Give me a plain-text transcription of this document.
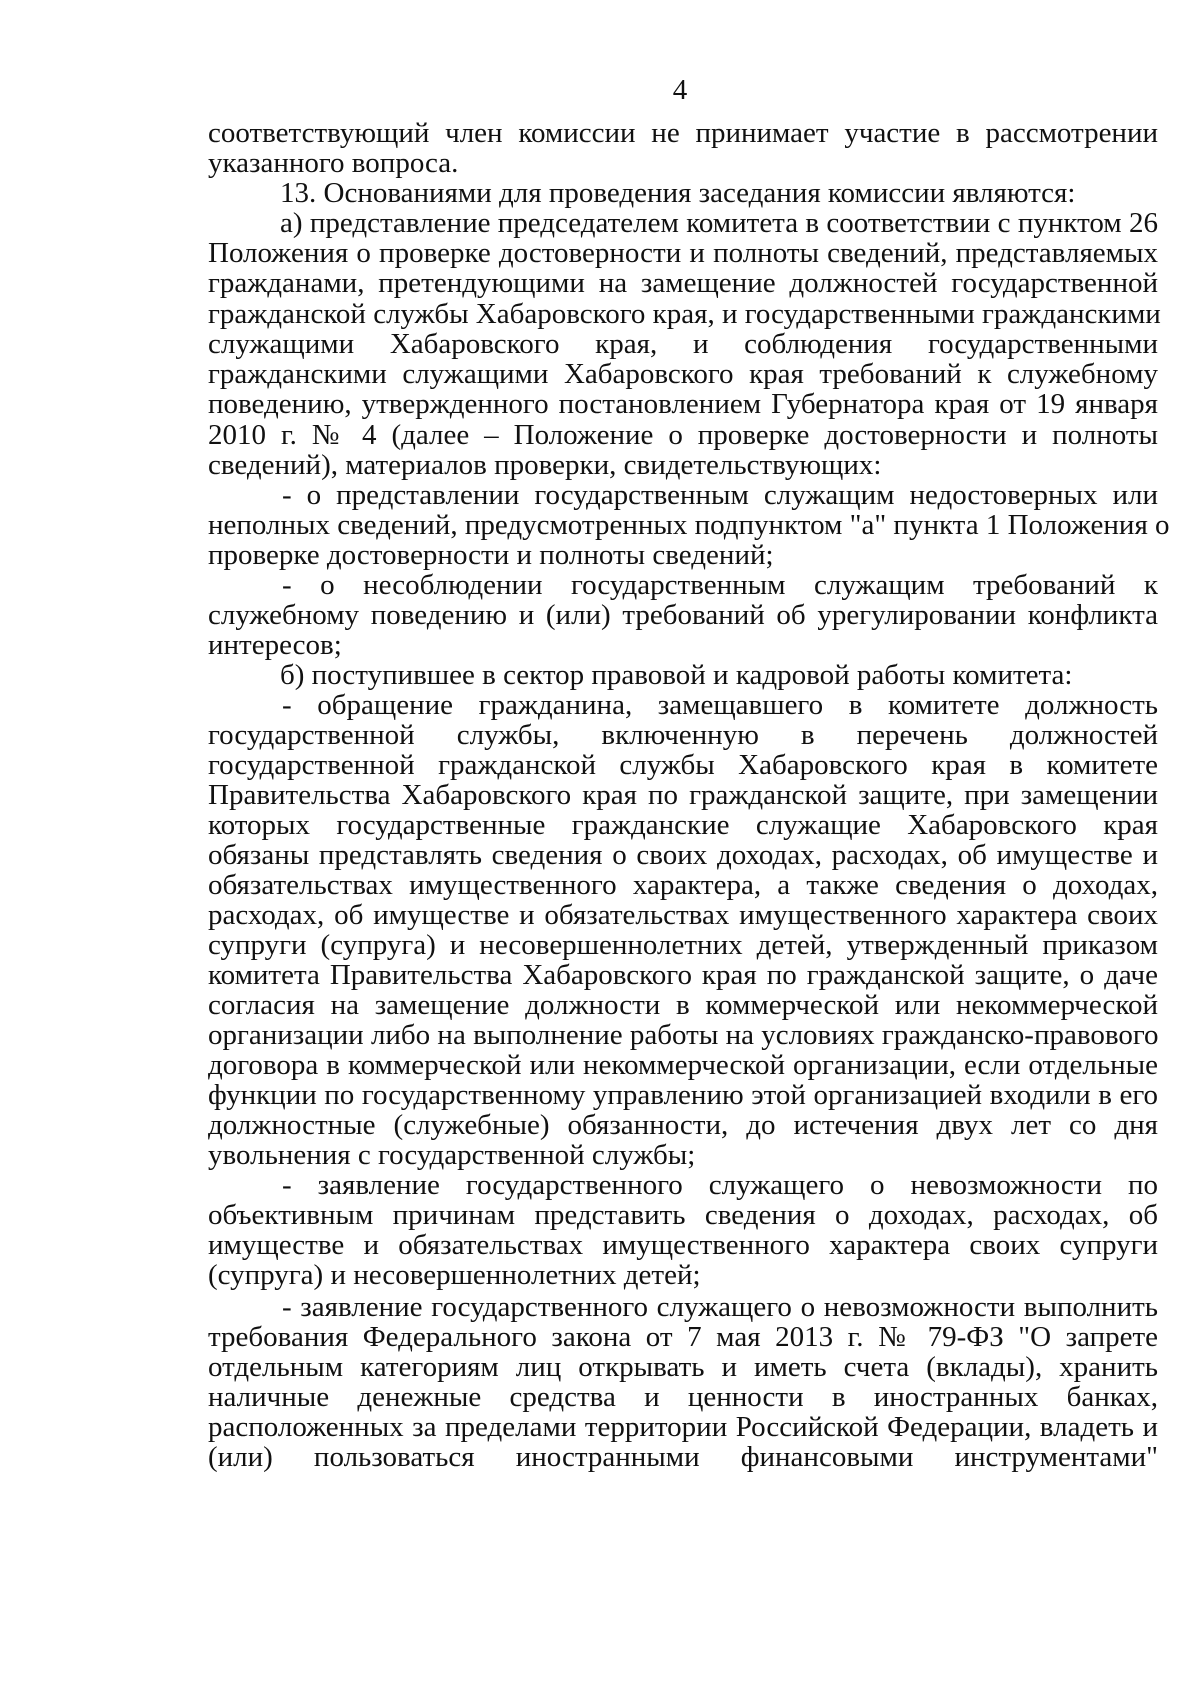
4
соответствующий член комиссии не принимает участие в рассмотрении
указанного вопроса.
13. Основаниями для проведения заседания комиссии являются:
а) представление председателем комитета в соответствии с пунктом 26
Положения о проверке достоверности и полноты сведений, представляемых
гражданами, претендующими на замещение должностей государственной
гражданской службы Хабаровского края, и государственными гражданскими
служащими Хабаровского края, и соблюдения государственными
гражданскими служащими Хабаровского края требований к служебному
поведению, утвержденного постановлением Губернатора края от 19 января
2010 г. № 4 (далее – Положение о проверке достоверности и полноты
сведений), материалов проверки, свидетельствующих:
- о представлении государственным служащим недостоверных или
неполных сведений, предусмотренных подпунктом "а" пункта 1 Положения о
проверке достоверности и полноты сведений;
- о несоблюдении государственным служащим требований к
служебному поведению и (или) требований об урегулировании конфликта
интересов;
б) поступившее в сектор правовой и кадровой работы комитета:
- обращение гражданина, замещавшего в комитете должность
государственной службы, включенную в перечень должностей
государственной гражданской службы Хабаровского края в комитете
Правительства Хабаровского края по гражданской защите, при замещении
которых государственные гражданские служащие Хабаровского края
обязаны представлять сведения о своих доходах, расходах, об имуществе и
обязательствах имущественного характера, а также сведения о доходах,
расходах, об имуществе и обязательствах имущественного характера своих
супруги (супруга) и несовершеннолетних детей, утвержденный приказом
комитета Правительства Хабаровского края по гражданской защите, о даче
согласия на замещение должности в коммерческой или некоммерческой
организации либо на выполнение работы на условиях гражданско-правового
договора в коммерческой или некоммерческой организации, если отдельные
функции по государственному управлению этой организацией входили в его
должностные (служебные) обязанности, до истечения двух лет со дня
увольнения с государственной службы;
- заявление государственного служащего о невозможности по
объективным причинам представить сведения о доходах, расходах, об
имуществе и обязательствах имущественного характера своих супруги
(супруга) и несовершеннолетних детей;
- заявление государственного служащего о невозможности выполнить
требования Федерального закона от 7 мая 2013 г. № 79-ФЗ "О запрете
отдельным категориям лиц открывать и иметь счета (вклады), хранить
наличные денежные средства и ценности в иностранных банках,
расположенных за пределами территории Российской Федерации, владеть и
(или) пользоваться иностранными финансовыми инструментами"
